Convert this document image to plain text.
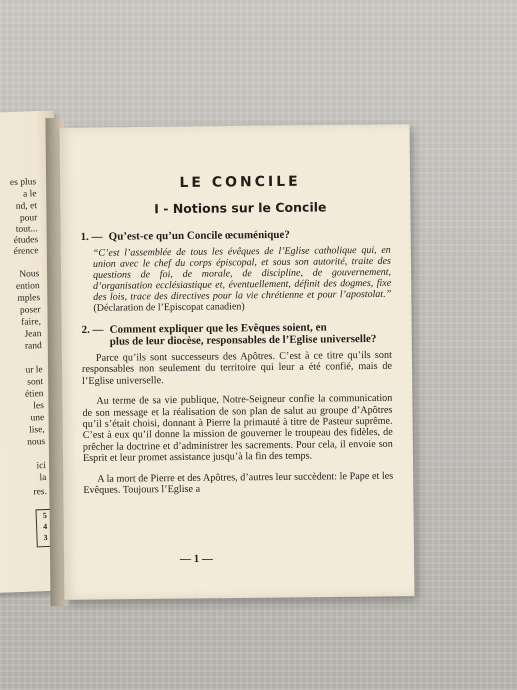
es plus
a le
nd, et
pour
tout...
études
érence
Nous
ention
mples
poser
faire,
Jean
rand
ur le
sont
étien
les
une
lise,
nous
ici
la
res.
5
4
3
LE CONCILE
I - Notions sur le Concile
1. — Qu’est-ce qu’un Concile œcuménique?
“C’est l’assemblée de tous les évêques de l’Eglise catholique qui, en union avec le chef du corps épiscopal, et sous son autorité, traite des questions de foi, de morale, de discipline, de gouvernement, d’organisation ecclésiastique et, éventuellement, définit des dogmes, fixe des lois, trace des directives pour la vie chrétienne et pour l’apostolat.” (Déclaration de l’Episcopat canadien)
2. — Comment expliquer que les Evêques soient, en
plus de leur diocèse, responsables de l’Eglise universelle?

Parce qu’ils sont successeurs des Apôtres. C’est à ce titre qu’ils sont responsables non seulement du territoire qui leur a été confié, mais de l’Eglise universelle.

Au terme de sa vie publique, Notre-Seigneur confie la communication de son message et la réalisation de son plan de salut au groupe d’Apôtres qu’il s’était choisi, donnant à Pierre la primauté à titre de Pasteur suprême. C’est à eux qu’il donne la mission de gouverner le troupeau des fidèles, de prêcher la doctrine et d’administrer les sacrements. Pour cela, il envoie son Esprit et leur promet assistance jusqu’à la fin des temps.

A la mort de Pierre et des Apôtres, d’autres leur succèdent: le Pape et les Evêques. Toujours l’Eglise a

— 1 —
